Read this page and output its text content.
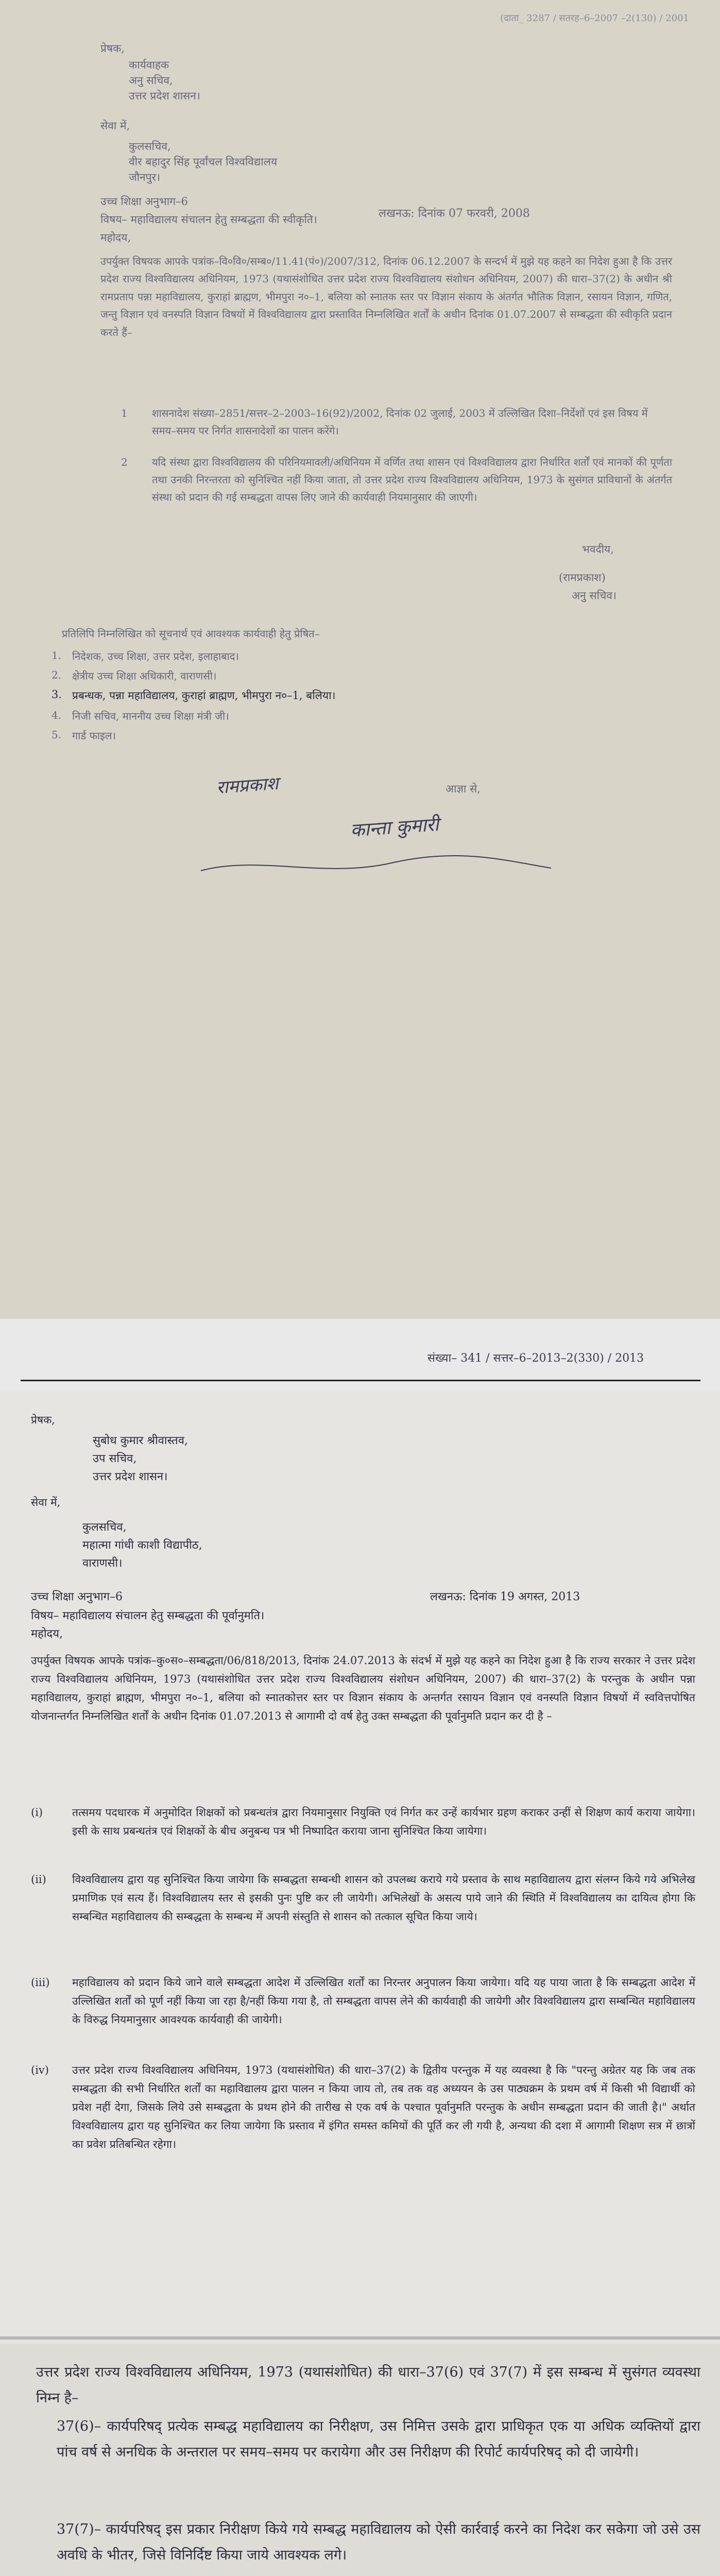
(दाता_ 3287 / सतरह–6–2007 –2(130) / 2001
प्रेषक,
कार्यवाहक
अनु सचिव,
उत्तर प्रदेश शासन।
सेवा में,
कुलसचिव,
वीर बहादुर सिंह पूर्वांचल विश्वविद्यालय
जौनपुर।
उच्च शिक्षा अनुभाग–6
लखनऊ: दिनांक 07 फरवरी, 2008
विषय– महाविद्यालय संचालन हेतु सम्बद्धता की स्वीकृति।
महोदय,
उपर्युक्त विषयक आपके पत्रांक–वि०वि०/सम्ब०/11.41(पं०)/2007/312, दिनांक 06.12.2007 के सन्दर्भ में मुझे यह कहने का निदेश हुआ है कि उत्तर प्रदेश राज्य विश्वविद्यालय अधिनियम, 1973 (यथासंशोधित उत्तर प्रदेश राज्य विश्वविद्यालय संशोधन अधिनियम, 2007) की धारा–37(2) के अधीन श्री रामप्रताप पन्ना महाविद्यालय, कुराहां ब्राह्मण, भीमपुरा न०–1, बलिया को स्नातक स्तर पर विज्ञान संकाय के अंतर्गत भौतिक विज्ञान, रसायन विज्ञान, गणित, जन्तु विज्ञान एवं वनस्पति विज्ञान विषयों में विश्वविद्यालय द्वारा प्रस्तावित निम्नलिखित शर्तों के अधीन दिनांक 01.07.2007 से सम्बद्धता की स्वीकृति प्रदान करते हैं–
1	शासनादेश संख्या–2851/सत्तर–2–2003–16(92)/2002, दिनांक 02 जुलाई, 2003 में उल्लिखित दिशा–निर्देशों एवं इस विषय में समय–समय पर निर्गत शासनादेशों का पालन करेंगे।
2	यदि संस्था द्वारा विश्वविद्यालय की परिनियमावली/अधिनियम में वर्णित तथा शासन एवं विश्वविद्यालय द्वारा निर्धारित शर्तों एवं मानकों की पूर्णता तथा उनकी निरन्तरता को सुनिश्चित नहीं किया जाता, तो उत्तर प्रदेश राज्य विश्वविद्यालय अधिनियम, 1973 के सुसंगत प्राविधानों के अंतर्गत संस्था को प्रदान की गई सम्बद्धता वापस लिए जाने की कार्यवाही नियमानुसार की जाएगी।
भवदीय,
(रामप्रकाश)
अनु सचिव।
प्रतिलिपि निम्नलिखित को सूचनार्थ एवं आवश्यक कार्यवाही हेतु प्रेषित–
1.	निदेशक, उच्च शिक्षा, उत्तर प्रदेश, इलाहाबाद।
2.	क्षेत्रीय उच्च शिक्षा अधिकारी, वाराणसी।
3. प्रबन्धक, पन्ना महाविद्यालय, कुराहां ब्राह्मण, भीमपुरा न०–1, बलिया।
4.	निजी सचिव, माननीय उच्च शिक्षा मंत्री जी।
5.	गार्ड फाइल।
रामप्रकाश	आज्ञा से,
कान्ता कुमारी
संख्या– 341 / सत्तर–6–2013–2(330) / 2013
प्रेषक,
सुबोध कुमार श्रीवास्तव,
उप सचिव,
उत्तर प्रदेश शासन।
सेवा में,
कुलसचिव,
महात्मा गांधी काशी विद्यापीठ,
वाराणसी।
उच्च शिक्षा अनुभाग–6	लखनऊ: दिनांक 19 अगस्त, 2013
विषय– महाविद्यालय संचालन हेतु सम्बद्धता की पूर्वानुमति।
महोदय,
उपर्युक्त विषयक आपके पत्रांक–कु०स०–सम्बद्धता/06/818/2013, दिनांक 24.07.2013 के संदर्भ में मुझे यह कहने का निदेश हुआ है कि राज्य सरकार ने उत्तर प्रदेश राज्य विश्वविद्यालय अधिनियम, 1973 (यथासंशोधित उत्तर प्रदेश राज्य विश्वविद्यालय संशोधन अधिनियम, 2007) की धारा–37(2) के परन्तुक के अधीन पन्ना महाविद्यालय, कुराहां ब्राह्मण, भीमपुरा न०–1, बलिया को स्नातकोत्तर स्तर पर विज्ञान संकाय के अन्तर्गत रसायन विज्ञान एवं वनस्पति विज्ञान विषयों में स्ववित्तपोषित योजनान्तर्गत निम्नलिखित शर्तों के अधीन दिनांक 01.07.2013 से आगामी दो वर्ष हेतु उक्त सम्बद्धता की पूर्वानुमति प्रदान कर दी है –
(i)	तत्समय पदधारक में अनुमोदित शिक्षकों को प्रबन्धतंत्र द्वारा नियमानुसार नियुक्ति एवं निर्गत कर उन्हें कार्यभार ग्रहण कराकर उन्हीं से शिक्षण कार्य कराया जायेगा। इसी के साथ प्रबन्धतंत्र एवं शिक्षकों के बीच अनुबन्ध पत्र भी निष्पादित कराया जाना सुनिश्चित किया जायेगा।
(ii)	विश्वविद्यालय द्वारा यह सुनिश्चित किया जायेगा कि सम्बद्धता सम्बन्धी शासन को उपलब्ध कराये गये प्रस्ताव के साथ महाविद्यालय द्वारा संलग्न किये गये अभिलेख प्रमाणिक एवं सत्य हैं। विश्वविद्यालय स्तर से इसकी पुनः पुष्टि कर ली जायेगी। अभिलेखों के असत्य पाये जाने की स्थिति में विश्वविद्यालय का दायित्व होगा कि सम्बन्धित महाविद्यालय की सम्बद्धता के सम्बन्ध में अपनी संस्तुति से शासन को तत्काल सूचित किया जाये।
(iii)	महाविद्यालय को प्रदान किये जाने वाले सम्बद्धता आदेश में उल्लिखित शर्तों का निरन्तर अनुपालन किया जायेगा। यदि यह पाया जाता है कि सम्बद्धता आदेश में उल्लिखित शर्तों को पूर्ण नहीं किया जा रहा है/नहीं किया गया है, तो सम्बद्धता वापस लेने की कार्यवाही की जायेगी और विश्वविद्यालय द्वारा सम्बन्धित महाविद्यालय के विरुद्ध नियमानुसार आवश्यक कार्यवाही की जायेगी।
(iv)	उत्तर प्रदेश राज्य विश्वविद्यालय अधिनियम, 1973 (यथासंशोधित) की धारा–37(2) के द्वितीय परन्तुक में यह व्यवस्था है कि "परन्तु अग्रेतर यह कि जब तक सम्बद्धता की सभी निर्धारित शर्तों का महाविद्यालय द्वारा पालन न किया जाय तो, तब तक वह अध्ययन के उस पाठ्यक्रम के प्रथम वर्ष में किसी भी विद्यार्थी को प्रवेश नहीं देगा, जिसके लिये उसे सम्बद्धता के प्रथम होने की तारीख से एक वर्ष के पश्चात पूर्वानुमति परन्तुक के अधीन सम्बद्धता प्रदान की जाती है।" अर्थात विश्वविद्यालय द्वारा यह सुनिश्चित कर लिया जायेगा कि प्रस्ताव में इंगित समस्त कमियों की पूर्ति कर ली गयी है, अन्यथा की दशा में आगामी शिक्षण सत्र में छात्रों का प्रवेश प्रतिबन्धित रहेगा।
उत्तर प्रदेश राज्य विश्वविद्यालय अधिनियम, 1973 (यथासंशोधित) की धारा–37(6) एवं 37(7) में इस सम्बन्ध में सुसंगत व्यवस्था निम्न है–
37(6)– कार्यपरिषद् प्रत्येक सम्बद्ध महाविद्यालय का निरीक्षण, उस निमित्त उसके द्वारा प्राधिकृत एक या अधिक व्यक्तियों द्वारा पांच वर्ष से अनधिक के अन्तराल पर समय–समय पर करायेगा और उस निरीक्षण की रिपोर्ट कार्यपरिषद् को दी जायेगी।
37(7)– कार्यपरिषद् इस प्रकार निरीक्षण किये गये सम्बद्ध महाविद्यालय को ऐसी कार्रवाई करने का निदेश कर सकेगा जो उसे उस अवधि के भीतर, जिसे विनिर्दिष्ट किया जाये आवश्यक लगे।
